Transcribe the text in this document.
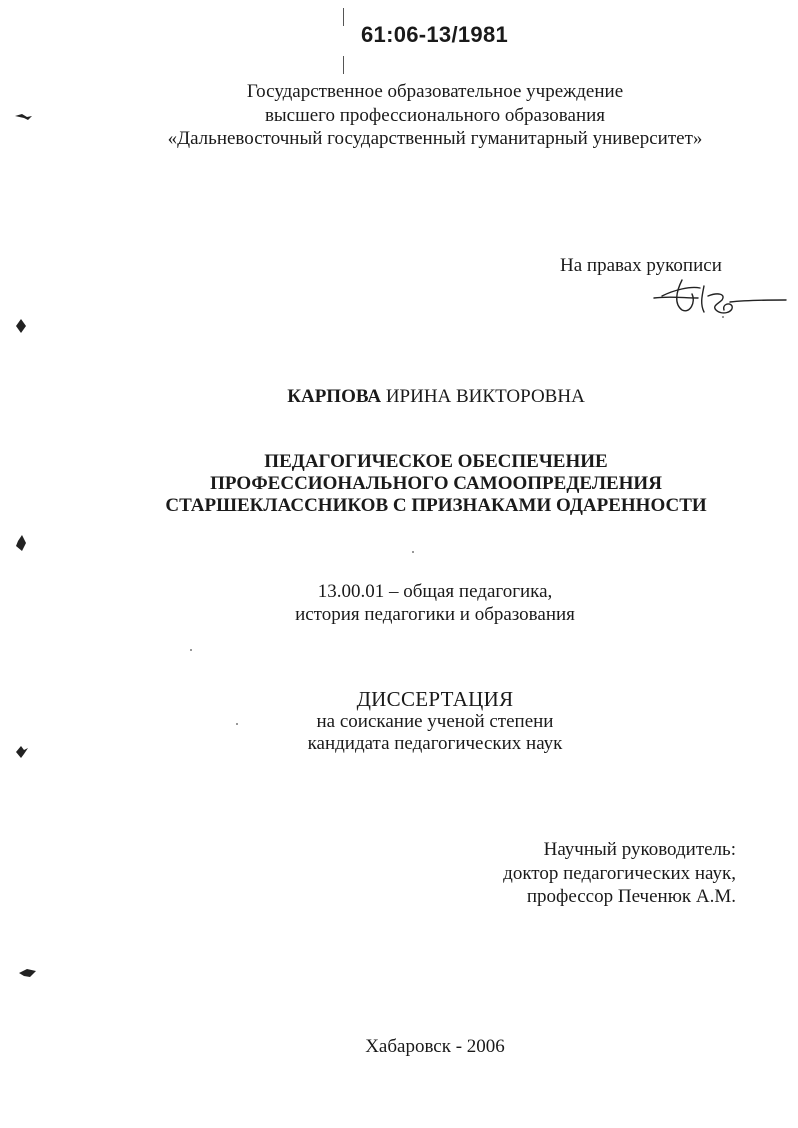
61:06-13/1981
Государственное образовательное учреждение
высшего профессионального образования
«Дальневосточный государственный гуманитарный университет»
На правах рукописи
КАРПОВА ИРИНА ВИКТОРОВНА
ПЕДАГОГИЧЕСКОЕ ОБЕСПЕЧЕНИЕ
ПРОФЕССИОНАЛЬНОГО САМООПРЕДЕЛЕНИЯ
СТАРШЕКЛАССНИКОВ С ПРИЗНАКАМИ ОДАРЕННОСТИ
13.00.01 – общая педагогика,
история педагогики и образования
ДИССЕРТАЦИЯ
на соискание ученой степени
кандидата педагогических наук
Научный руководитель:
доктор педагогических наук,
профессор Печенюк А.М.
Хабаровск - 2006
